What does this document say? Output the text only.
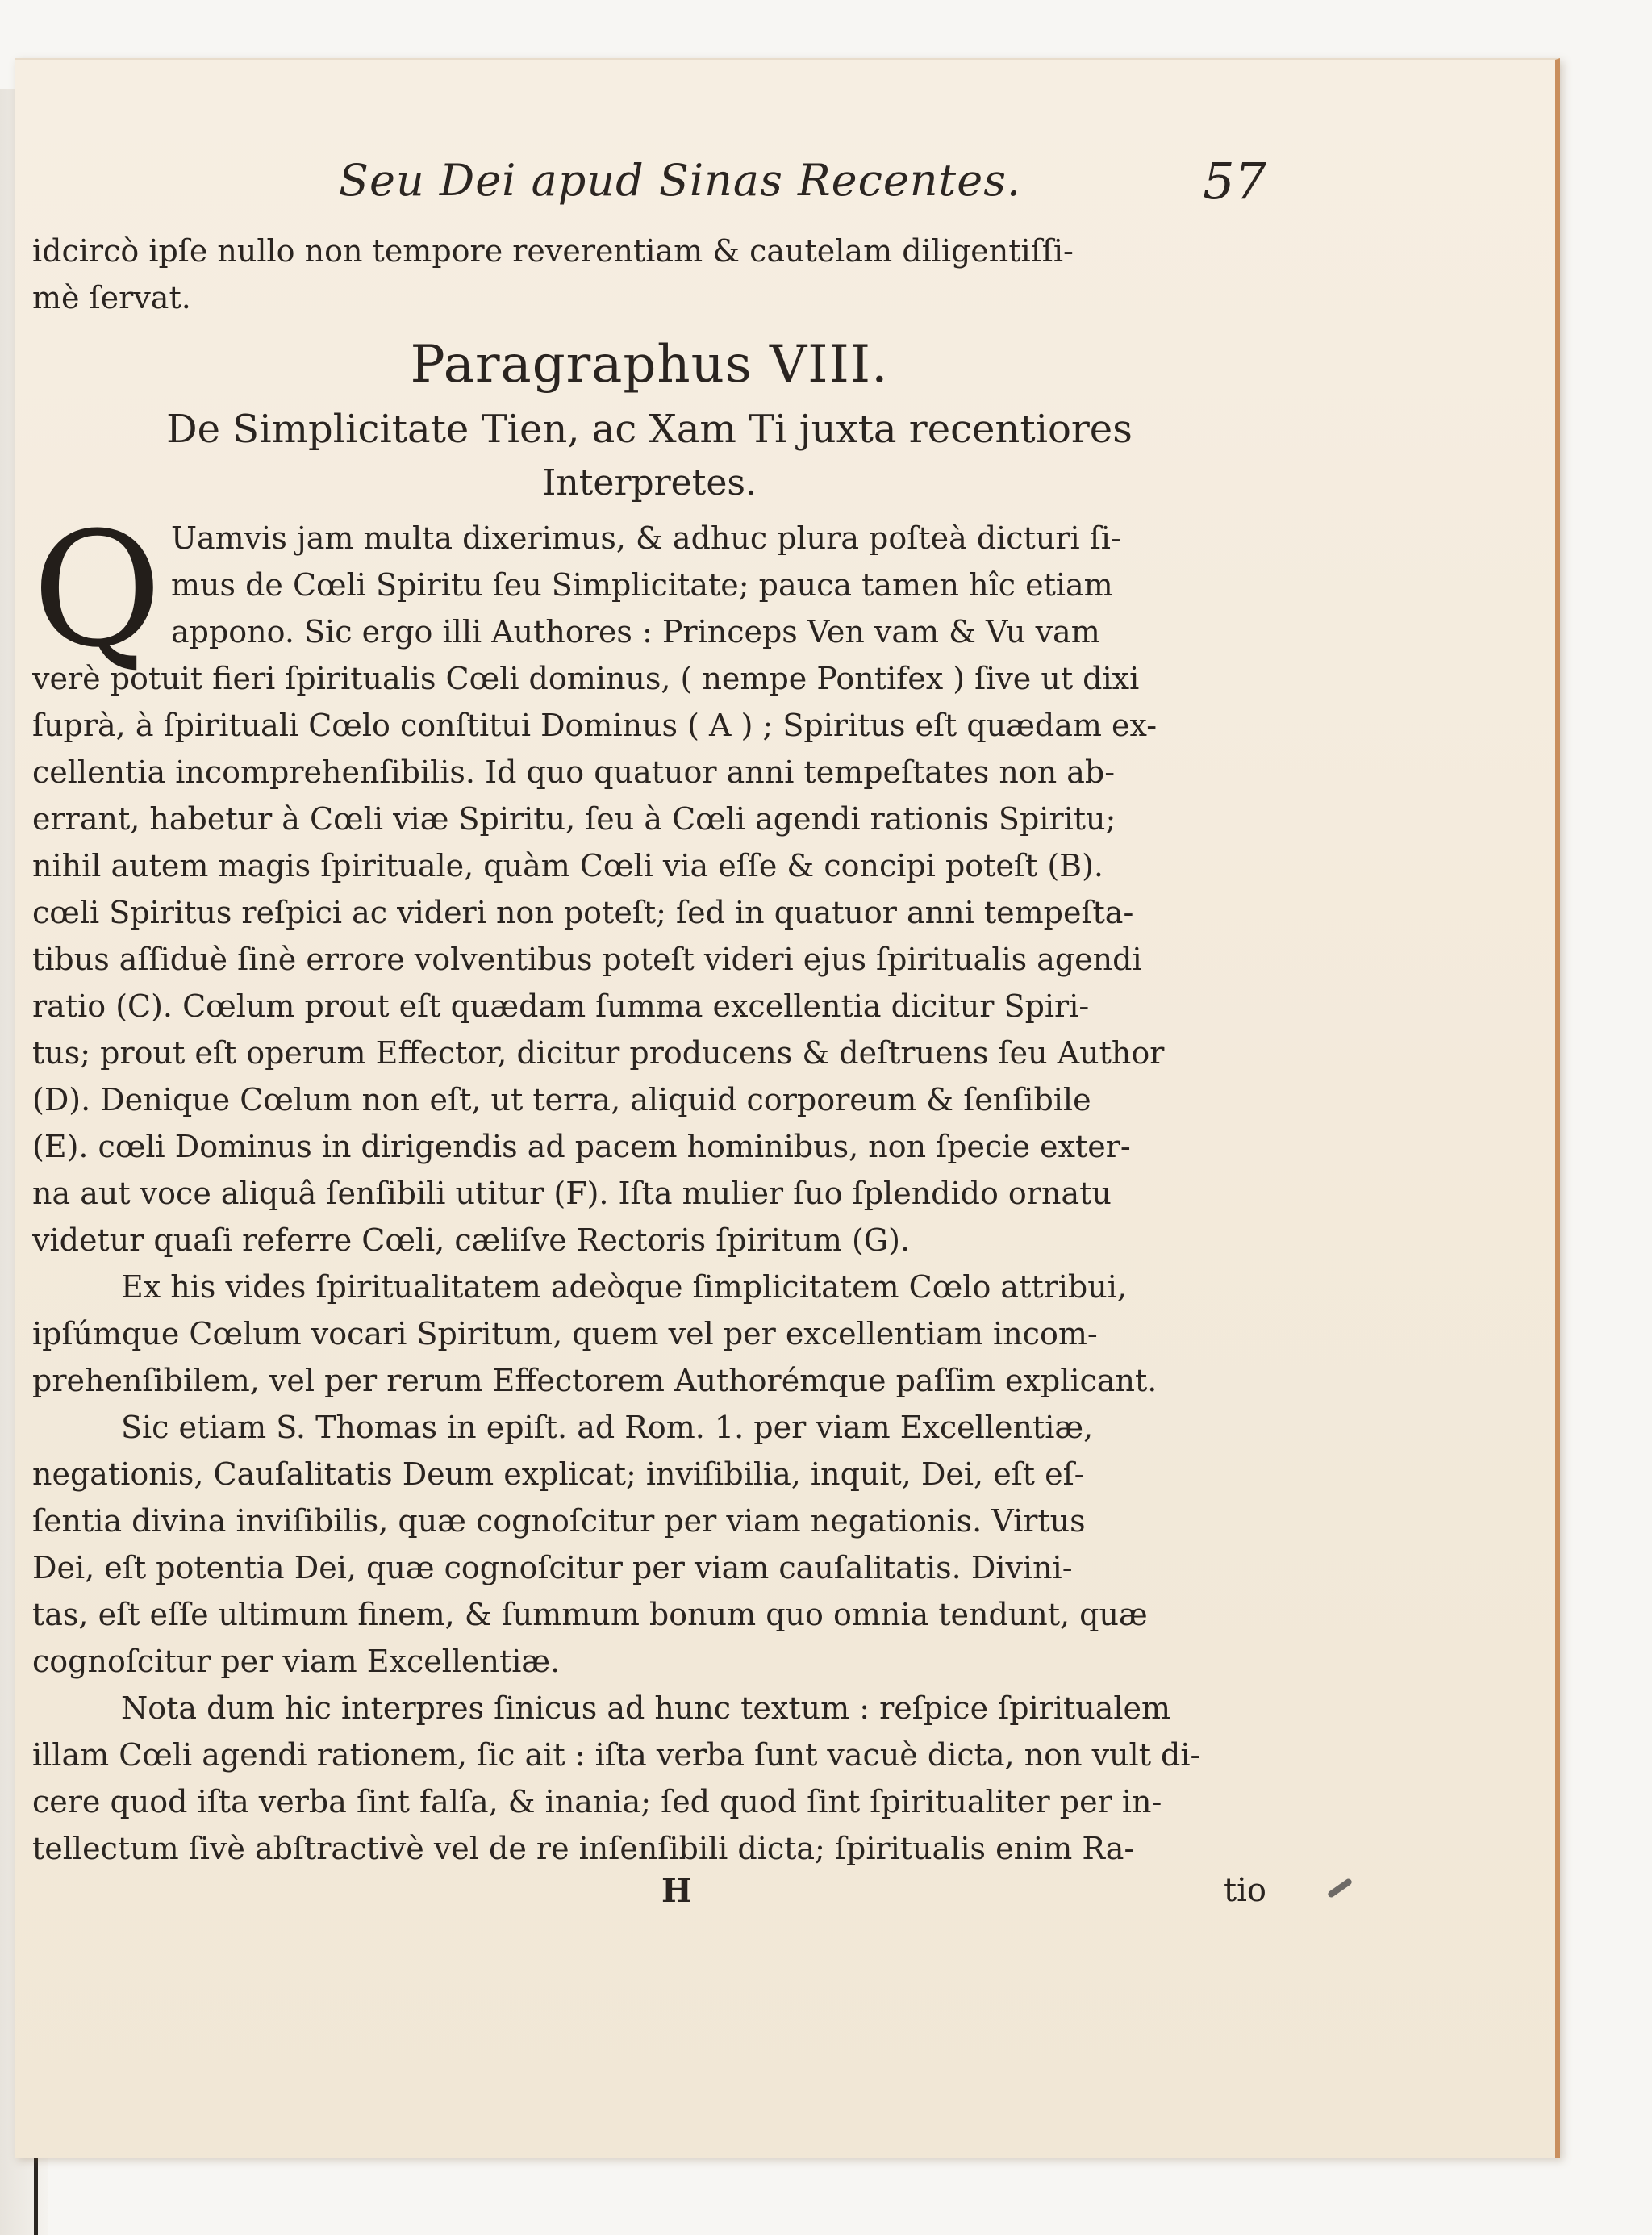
Seu Dei apud Sinas Recentes.	57

idcircò ipſe nullo non tempore reverentiam & cautelam diligentiſſi-

mè ſervat.

Paragraphus VIII.
De Simplicitate Tien, ac Xam Ti juxta recentiores
Interpretes.
Q Uamvis jam multa dixerimus, & adhuc plura poſteà dicturi ſi-

mus de Cœli Spiritu ſeu Simplicitate; pauca tamen hîc etiam

appono. Sic ergo illi Authores : Princeps Ven vam & Vu vam

verè potuit fieri ſpiritualis Cœli dominus, ( nempe Pontifex ) ſive ut dixi

ſuprà, à ſpirituali Cœlo conſtitui Dominus ( A ) ; Spiritus eſt quædam ex-

cellentia incomprehenſibilis. Id quo quatuor anni tempeſtates non ab-

errant, habetur à Cœli viæ Spiritu, ſeu à Cœli agendi rationis Spiritu;

nihil autem magis ſpirituale, quàm Cœli via eſſe & concipi poteſt (B).

cœli Spiritus reſpici ac videri non poteſt; ſed in quatuor anni tempeſta-

tibus aſſiduè ſinè errore volventibus poteſt videri ejus ſpiritualis agendi

ratio (C). Cœlum prout eſt quædam ſumma excellentia dicitur Spiri-

tus; prout eſt operum Effector, dicitur producens & deſtruens ſeu Author

(D). Denique Cœlum non eſt, ut terra, aliquid corporeum & ſenſibile

(E). cœli Dominus in dirigendis ad pacem hominibus, non ſpecie exter-

na aut voce aliquâ ſenſibili utitur (F). Iſta mulier ſuo ſplendido ornatu

videtur quaſi referre Cœli, cæliſve Rectoris ſpiritum (G).

Ex his vides ſpiritualitatem adeòque ſimplicitatem Cœlo attribui,

ipſúmque Cœlum vocari Spiritum, quem vel per excellentiam incom-

prehenſibilem, vel per rerum Effectorem Authorémque paſſim explicant.

Sic etiam S. Thomas in epiſt. ad Rom. 1. per viam Excellentiæ,

negationis, Cauſalitatis Deum explicat; inviſibilia, inquit, Dei, eſt eſ-

ſentia divina inviſibilis, quæ cognoſcitur per viam negationis. Virtus

Dei, eſt potentia Dei, quæ cognoſcitur per viam cauſalitatis. Divini-

tas, eſt eſſe ultimum finem, & ſummum bonum quo omnia tendunt, quæ

cognoſcitur per viam Excellentiæ.

Nota dum hic interpres ſinicus ad hunc textum : reſpice ſpiritualem

illam Cœli agendi rationem, ſic ait : iſta verba ſunt vacuè dicta, non vult di-

cere quod iſta verba ſint falſa, & inania; ſed quod ſint ſpiritualiter per in-

tellectum ſivè abſtractivè vel de re inſenſibili dicta; ſpiritualis enim Ra-

H	tio
